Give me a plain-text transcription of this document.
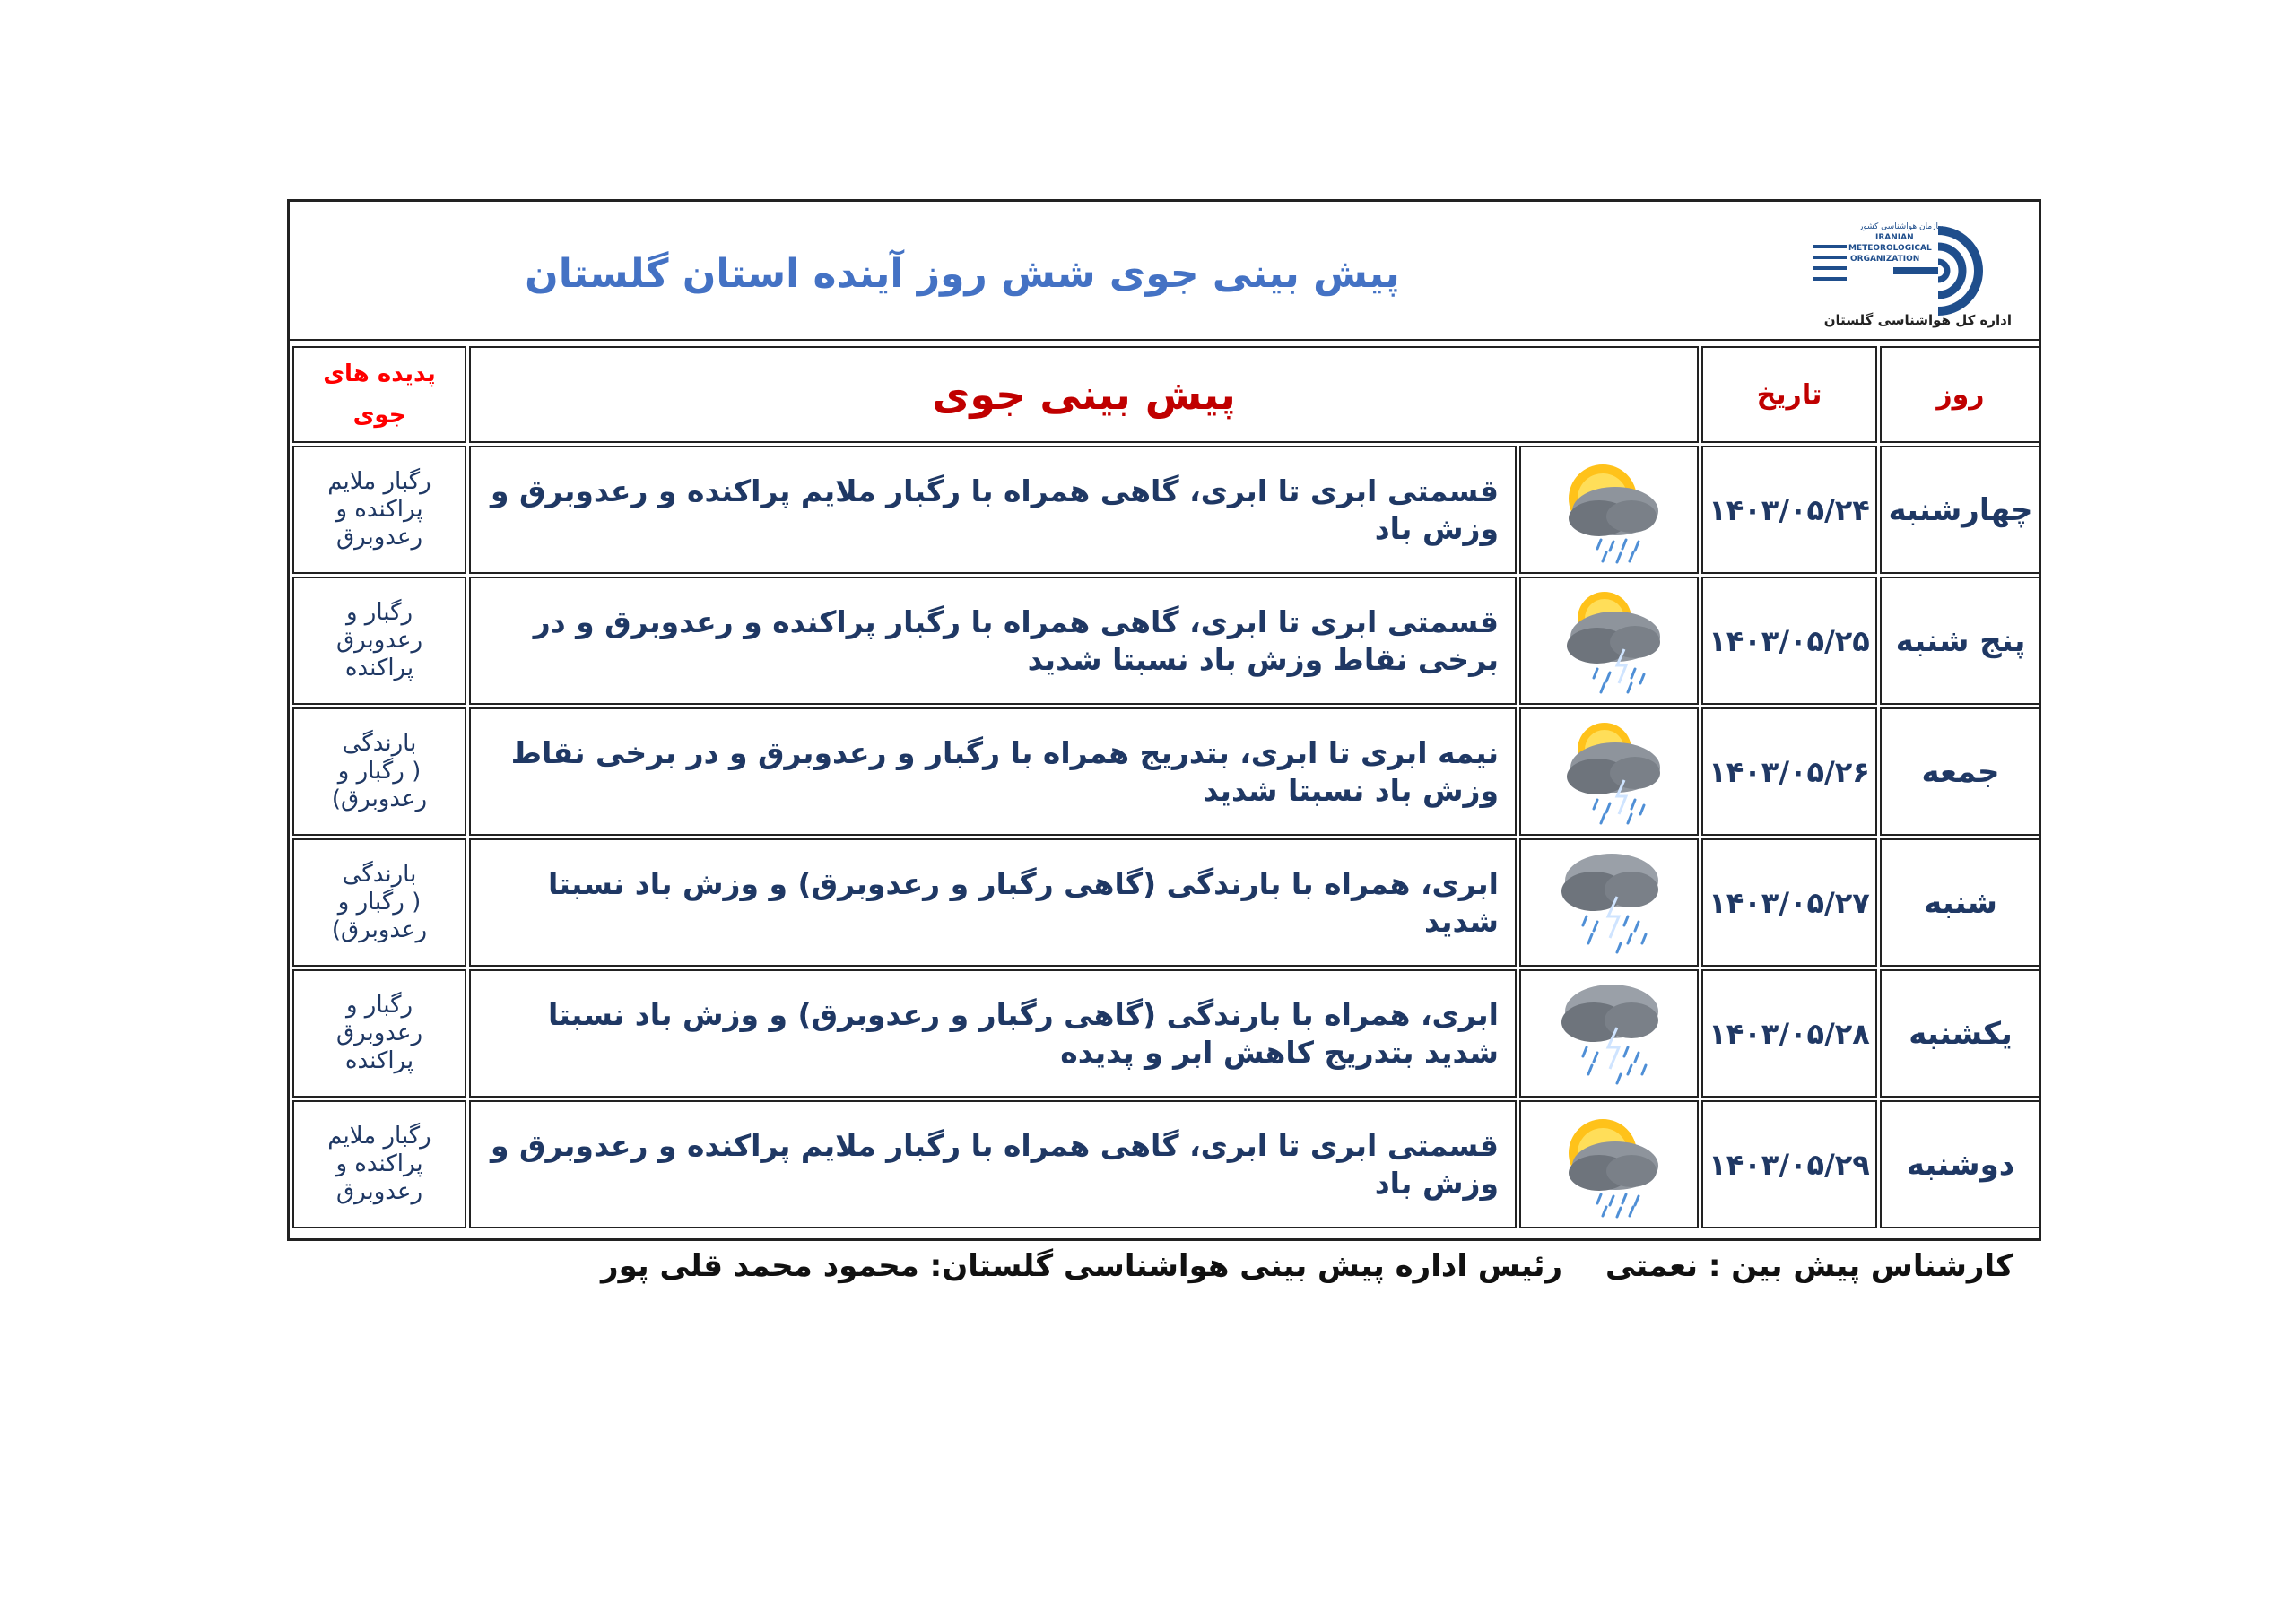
پیش بینی جوی شش روز آینده استان گلستان
سازمان هواشناسی کشور
IRANIAN
METEOROLOGICAL
ORGANIZATION
اداره کل هواشناسی گلستان
روز	تاریخ	پیش بینی جوی		پدیده های
جوی

چهارشنبه	۱۴۰۳/۰۵/۲۴		قسمتی ابری تا ابری، گاهی همراه با رگبار ملایم پراکنده و رعدوبرق و وزش باد	رگبار ملایم
پراکنده و
رعدوبرق

پنج شنبه	۱۴۰۳/۰۵/۲۵		قسمتی ابری تا ابری، گاهی همراه با رگبار پراکنده و رعدوبرق و در برخی نقاط وزش باد نسبتا شدید	رگبار و
رعدوبرق
پراکنده

جمعه	۱۴۰۳/۰۵/۲۶		نیمه ابری تا ابری، بتدریج همراه با رگبار و رعدوبرق و در برخی نقاط وزش باد نسبتا شدید	بارندگی
( رگبار و
رعدوبرق)

شنبه	۱۴۰۳/۰۵/۲۷		ابری، همراه با بارندگی (گاهی رگبار و رعدوبرق) و وزش باد نسبتا شدید	بارندگی
( رگبار و
رعدوبرق)

یکشنبه	۱۴۰۳/۰۵/۲۸		ابری، همراه با بارندگی (گاهی رگبار و رعدوبرق) و وزش باد نسبتا شدید بتدریج کاهش ابر و پدیده	رگبار و
رعدوبرق
پراکنده

دوشنبه	۱۴۰۳/۰۵/۲۹		قسمتی ابری تا ابری، گاهی همراه با رگبار ملایم پراکنده و رعدوبرق و وزش باد	رگبار ملایم
پراکنده و
رعدوبرق
کارشناس پیش بین : نعمتی
رئیس اداره پیش بینی هواشناسی گلستان: محمود محمد قلی پور
